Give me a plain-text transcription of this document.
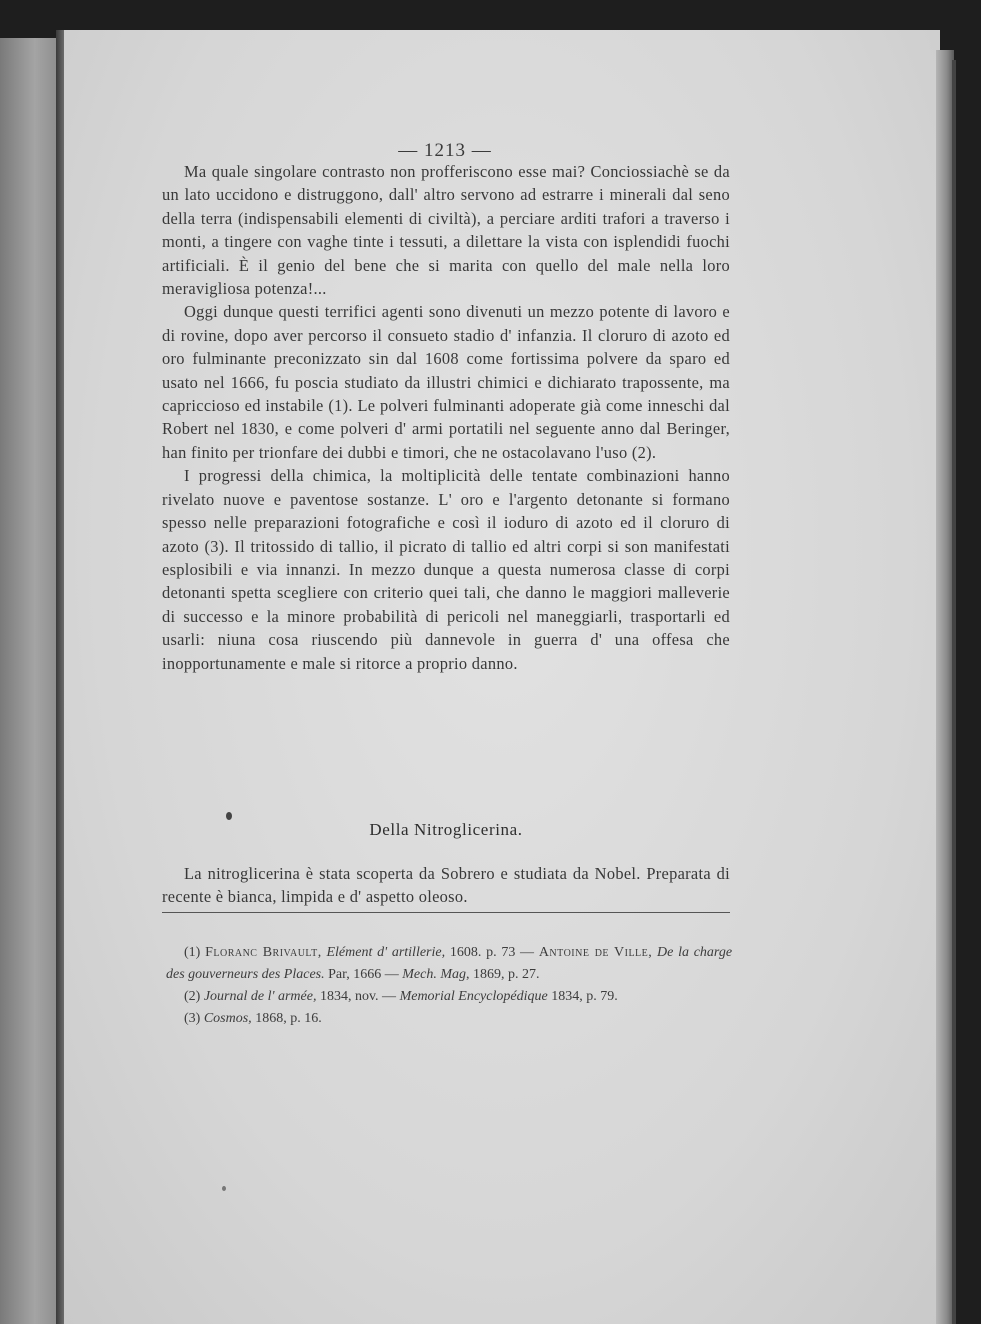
— 1213 —

Ma quale singolare contrasto non profferiscono esse mai? Conciossiachè se da un lato uccidono e distruggono, dall' altro servono ad estrarre i minerali dal seno della terra (indispensabili elementi di civiltà), a perciare arditi trafori a traverso i monti, a tingere con vaghe tinte i tessuti, a dilettare la vista con isplendidi fuochi artificiali. È il genio del bene che si marita con quello del male nella loro meravigliosa potenza!...

Oggi dunque questi terrifici agenti sono divenuti un mezzo potente di lavoro e di rovine, dopo aver percorso il consueto stadio d' infanzia. Il cloruro di azoto ed oro fulminante preconizzato sin dal 1608 come fortissima polvere da sparo ed usato nel 1666, fu poscia studiato da illustri chimici e dichiarato trapossente, ma capriccioso ed instabile (1). Le polveri fulminanti adoperate già come inneschi dal Robert nel 1830, e come polveri d' armi portatili nel seguente anno dal Beringer, han finito per trionfare dei dubbi e timori, che ne ostacolavano l'uso (2).

I progressi della chimica, la moltiplicità delle tentate combinazioni hanno rivelato nuove e paventose sostanze. L' oro e l'argento detonante si formano spesso nelle preparazioni fotografiche e così il ioduro di azoto ed il cloruro di azoto (3). Il tritossido di tallio, il picrato di tallio ed altri corpi si son manifestati esplosibili e via innanzi. In mezzo dunque a questa numerosa classe di corpi detonanti spetta scegliere con criterio quei tali, che danno le maggiori malleverie di successo e la minore probabilità di pericoli nel maneggiarli, trasportarli ed usarli: niuna cosa riuscendo più dannevole in guerra d' una offesa che inopportunamente e male si ritorce a proprio danno.

Della Nitroglicerina.

La nitroglicerina è stata scoperta da Sobrero e studiata da Nobel. Preparata di recente è bianca, limpida e d' aspetto oleoso.

(1) Floranc Brivault, Elément d' artillerie, 1608. p. 73 — Antoine de Ville, De la charge des gouverneurs des Places. Par, 1666 — Mech. Mag, 1869, p. 27.

(2) Journal de l' armée, 1834, nov. — Memorial Encyclopédique 1834, p. 79.

(3) Cosmos, 1868, p. 16.
